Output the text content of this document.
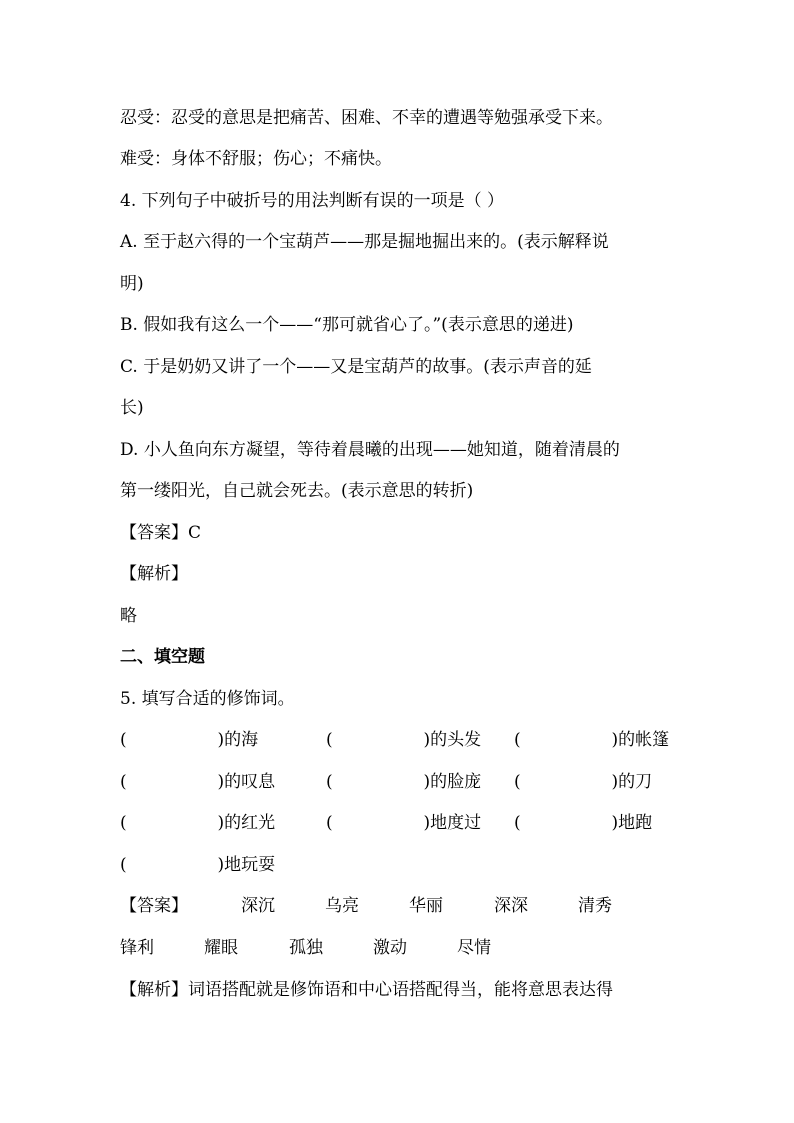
忍受：忍受的意思是把痛苦、困难、不幸的遭遇等勉强承受下来。
难受：身体不舒服；伤心；不痛快。
4. 下列句子中破折号的用法判断有误的一项是（ ）
A. 至于赵六得的一个宝葫芦——那是掘地掘出来的。(表示解释说
明)
B. 假如我有这么一个——“那可就省心了。”(表示意思的递进)
C. 于是奶奶又讲了一个——又是宝葫芦的故事。(表示声音的延
长)
D. 小人鱼向东方凝望，等待着晨曦的出现——她知道，随着清晨的
第一缕阳光，自己就会死去。(表示意思的转折)
【答案】C
【解析】
略
二、填空题
5. 填写合适的修饰词。
(	)的海	(	)的头发 (	)的帐篷
(	)的叹息	(	)的脸庞 (	)的刀
(	)的红光	(	)地度过 (	)地跑
(	)地玩耍
【答案】	深沉	乌亮	华丽	深深	清秀
锋利	耀眼	孤独	激动	尽情
【解析】词语搭配就是修饰语和中心语搭配得当，能将意思表达得
